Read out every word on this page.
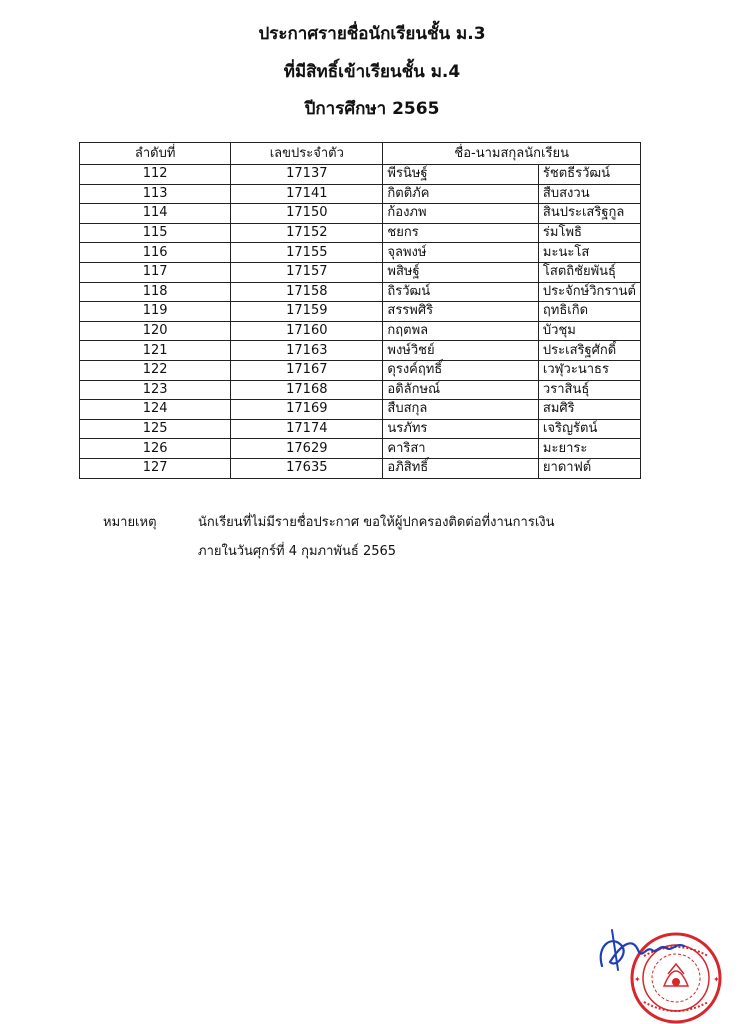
ประกาศรายชื่อนักเรียนชั้น ม.3
ที่มีสิทธิ์เข้าเรียนชั้น ม.4
ปีการศึกษา 2565
ลำดับที่	เลขประจำตัว	ชื่อ-นามสกุลนักเรียน	
112	17137	พีรนิษฐ์	รัชตธีรวัฒน์
113	17141	กิตติภัค	สืบสงวน
114	17150	ก้องภพ	สินประเสริฐกูล
115	17152	ชยกร	ร่มโพธิ
116	17155	จุลพงษ์	มะนะโส
117	17157	พสิษฐ์	โสตถิชัยพันธุ์
118	17158	ถิรวัฒน์	ประจักษ์วิกรานต์
119	17159	สรรพศิริ	ฤทธิเกิด
120	17160	กฤตพล	บัวชุม
121	17163	พงษ์วิชย์	ประเสริฐศักดิ์
122	17167	ดุรงค์ฤทธิ์	เวฬุวะนาธร
123	17168	อดิลักษณ์	วราสินธุ์
124	17169	สืบสกุล	สมศิริ
125	17174	นรภัทร	เจริญรัตน์
126	17629	คาริสา	มะยาระ
127	17635	อภิสิทธิ์	ยาดาฟต์
หมายเหตุ	นักเรียนที่ไม่มีรายชื่อประกาศ ขอให้ผู้ปกครองติดต่อที่งานการเงิน
ภายในวันศุกร์ที่ 4 กุมภาพันธ์ 2565
✦	✦
